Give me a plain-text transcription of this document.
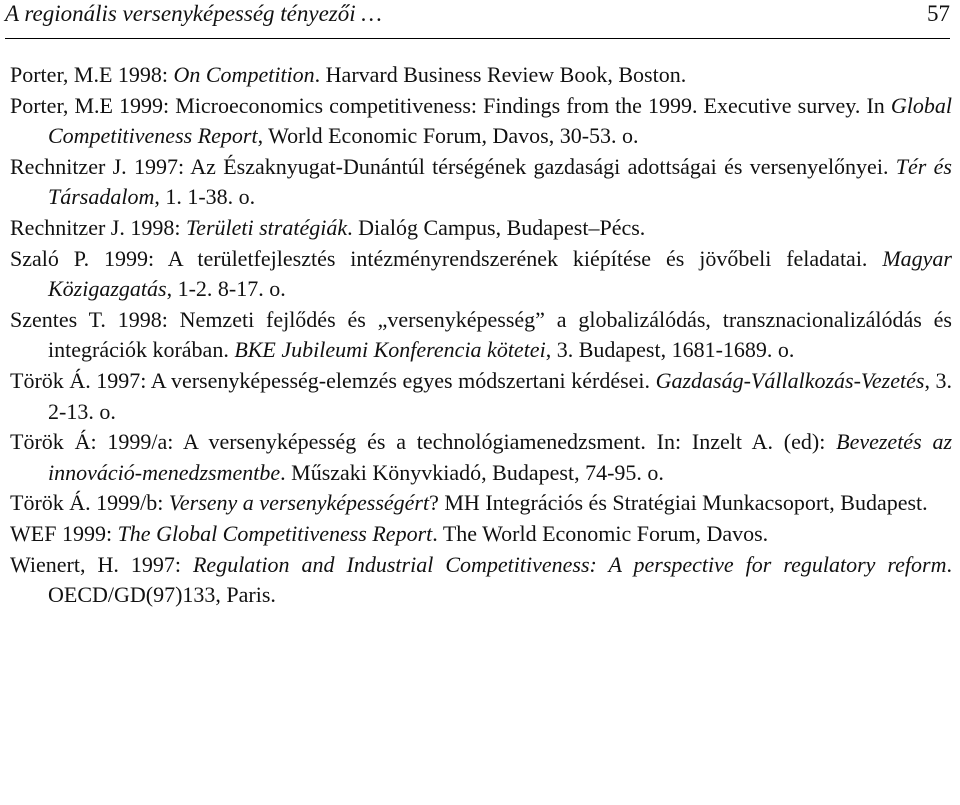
A regionális versenyképesség tényezői …	57
Porter, M.E 1998: On Competition. Harvard Business Review Book, Boston.
Porter, M.E 1999: Microeconomics competitiveness: Findings from the 1999. Executive survey. In Global Competitiveness Report, World Economic Forum, Davos, 30-53. o.
Rechnitzer J. 1997: Az Északnyugat-Dunántúl térségének gazdasági adottságai és versenyelőnyei. Tér és Társadalom, 1. 1-38. o.
Rechnitzer J. 1998: Területi stratégiák. Dialóg Campus, Budapest–Pécs.
Szaló P. 1999: A területfejlesztés intézményrendszerének kiépítése és jövőbeli feladatai. Magyar Közigazgatás, 1-2. 8-17. o.
Szentes T. 1998: Nemzeti fejlődés és „versenyképesség” a globalizálódás, transznacionalizálódás és integrációk korában. BKE Jubileumi Konferencia kötetei, 3. Budapest, 1681-1689. o.
Török Á. 1997: A versenyképesség-elemzés egyes módszertani kérdései. Gazdaság-Vállalkozás-Vezetés, 3. 2-13. o.
Török Á: 1999/a: A versenyképesség és a technológiamenedzsment. In: Inzelt A. (ed): Bevezetés az innováció-menedzsmentbe. Műszaki Könyvkiadó, Budapest, 74-95. o.
Török Á. 1999/b: Verseny a versenyképességért? MH Integrációs és Stratégiai Munkacsoport, Budapest.
WEF 1999: The Global Competitiveness Report. The World Economic Forum, Davos.
Wienert, H. 1997: Regulation and Industrial Competitiveness: A perspective for regulatory reform. OECD/GD(97)133, Paris.
